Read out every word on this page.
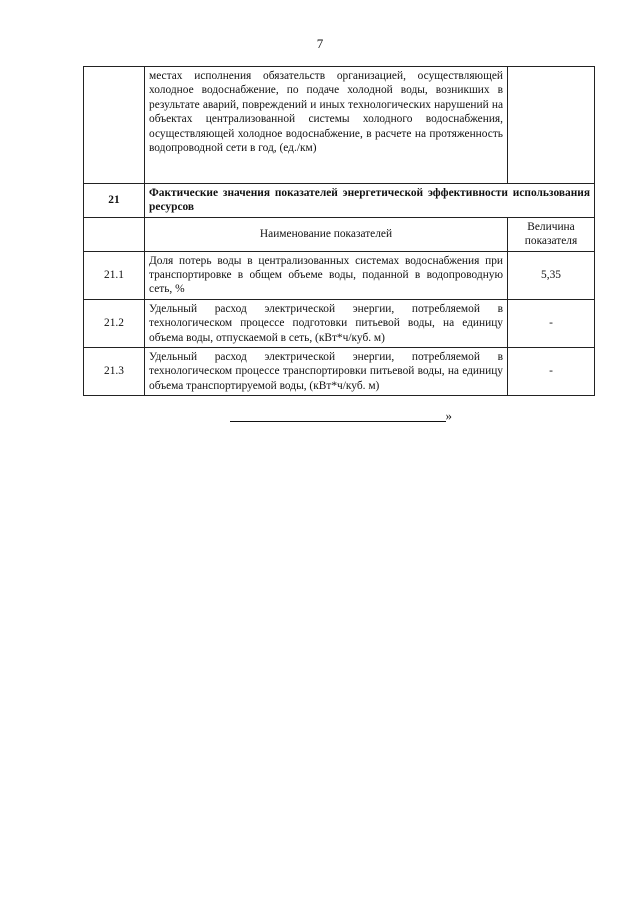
7
	местах исполнения обязательств организацией, осуществляющей холодное водоснабжение, по подаче холодной воды, возникших в результате аварий, повреждений и иных технологических нарушений на объектах централизованной системы холодного водоснабжения, осуществляющей холодное водоснабжение, в расчете на протяженность водопроводной сети в год, (ед./км)	
21	Фактические значения показателей энергетической эффективности использования ресурсов	
	Наименование показателей	Величина показателя
21.1	Доля потерь воды в централизованных системах водоснабжения при транспортировке в общем объеме воды, поданной в водопроводную сеть, %	5,35
21.2	Удельный расход электрической энергии, потребляемой в технологическом процессе подготовки питьевой воды, на единицу объема воды, отпускаемой в сеть, (кВт*ч/куб. м)	-
21.3	Удельный расход электрической энергии, потребляемой в технологическом процессе транспортировки питьевой воды, на единицу объема транспортируемой воды, (кВт*ч/куб. м)	-
»
